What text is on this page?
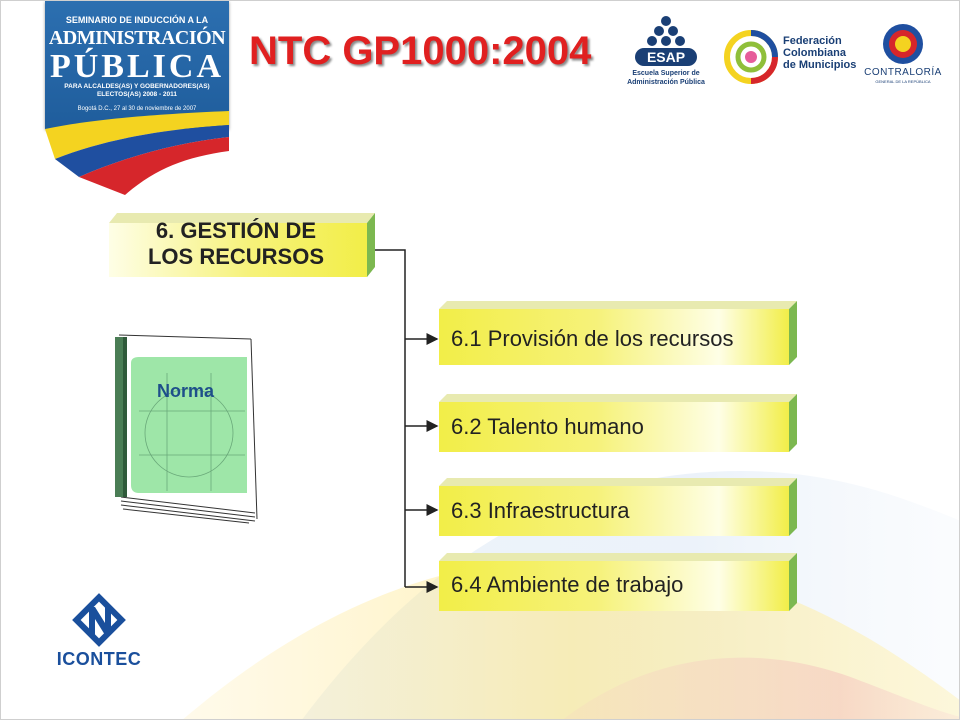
SEMINARIO DE INDUCCIÓN A LA
ADMINISTRACIÓN
PÚBLICA
PARA ALCALDES(AS) Y GOBERNADORES(AS) ELECTOS(AS) 2008 - 2011
Bogotá D.C., 27 al 30 de noviembre de 2007
NTC GP1000:2004	ESAP
Escuela Superior de
Administración Pública
Federación
Colombiana
de Municipios
CONTRALORÍA
GENERAL DE LA REPÚBLICA
6. GESTIÓN DE
LOS RECURSOS
6.1 Provisión de los recursos
6.2 Talento humano
6.3 Infraestructura
6.4 Ambiente de trabajo
Norma
ICONTEC
